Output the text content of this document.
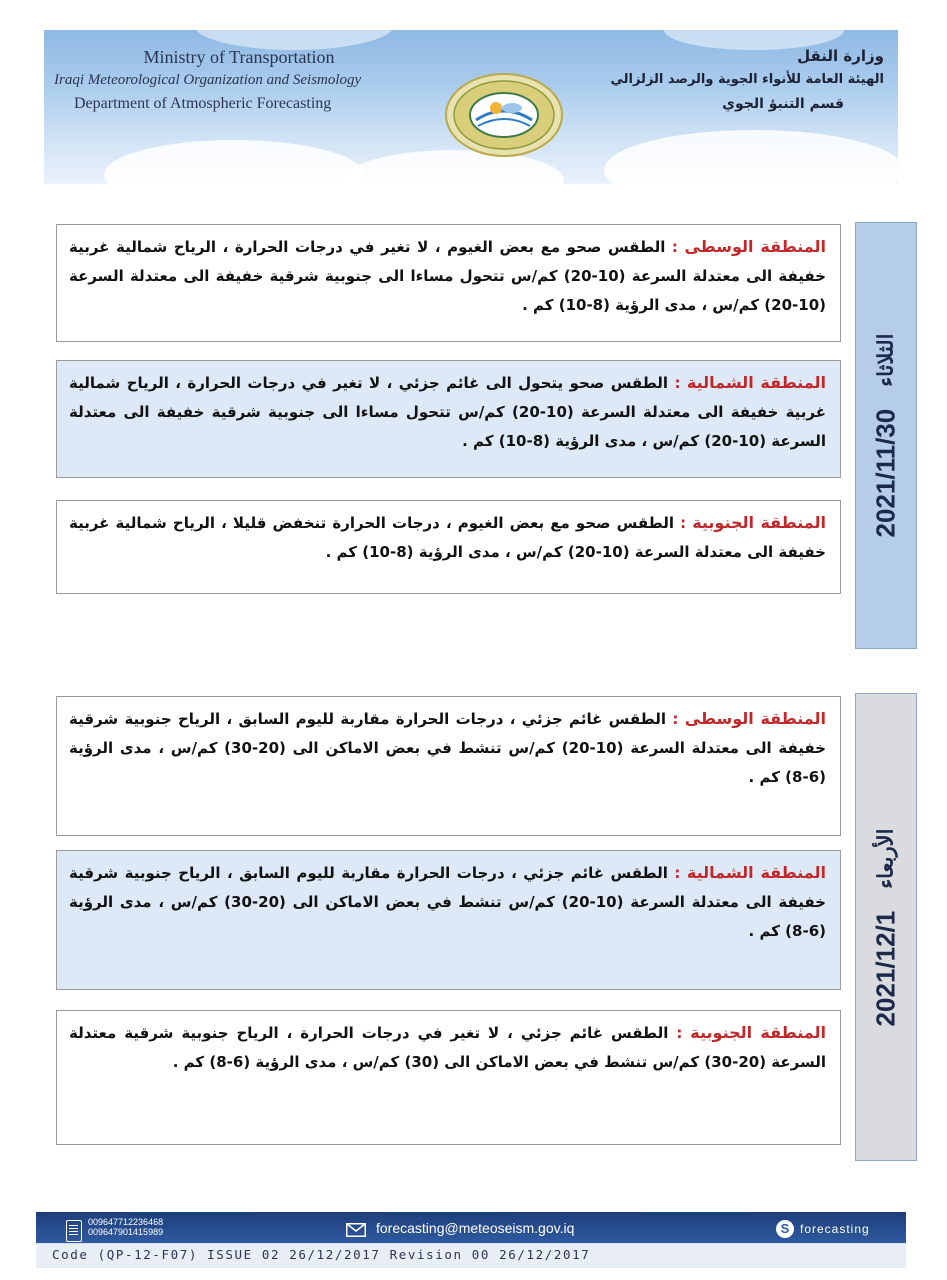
Ministry of Transportation
Iraqi Meteorological Organization and Seismology
Department of Atmospheric Forecasting
وزارة النقل
الهيئة العامة للأنواء الجوية والرصد الزلزالي
قسم التنبؤ الجوي
الثلاثاء
2021/11/30
المنطقة الوسطى : الطقس صحو مع بعض الغيوم ، لا تغير في درجات الحرارة ، الرياح شمالية غربية خفيفة الى معتدلة السرعة (10-20) كم/س تتحول مساءا الى جنوبية شرقية خفيفة الى معتدلة السرعة (10-20) كم/س ، مدى الرؤية (8-10) كم .
المنطقة الشمالية : الطقس صحو يتحول الى غائم جزئي ، لا تغير في درجات الحرارة ، الرياح شمالية غربية خفيفة الى معتدلة السرعة (10-20) كم/س تتحول مساءا الى جنوبية شرقية خفيفة الى معتدلة السرعة (10-20) كم/س ، مدى الرؤية (8-10) كم .
المنطقة الجنوبية : الطقس صحو مع بعض الغيوم ، درجات الحرارة تنخفض قليلا ، الرياح شمالية غربية خفيفة الى معتدلة السرعة (10-20) كم/س ، مدى الرؤية (8-10) كم .
الأربعاء
2021/12/1
المنطقة الوسطى : الطقس غائم جزئي ، درجات الحرارة مقاربة لليوم السابق ، الرياح جنوبية شرقية خفيفة الى معتدلة السرعة (10-20) كم/س تنشط في بعض الاماكن الى (20-30) كم/س ، مدى الرؤية (6-8) كم .
المنطقة الشمالية : الطقس غائم جزئي ، درجات الحرارة مقاربة لليوم السابق ، الرياح جنوبية شرقية خفيفة الى معتدلة السرعة (10-20) كم/س تنشط في بعض الاماكن الى (20-30) كم/س ، مدى الرؤية (6-8) كم .
المنطقة الجنوبية : الطقس غائم جزئي ، لا تغير في درجات الحرارة ، الرياح جنوبية شرقية معتدلة السرعة (20-30) كم/س تنشط في بعض الاماكن الى (30) كم/س ، مدى الرؤية (6-8) كم .
009647712236468
009647901415989	forecasting@meteoseism.gov.iq	S forecasting
Code (QP-12-F07) ISSUE 02 26/12/2017 Revision 00 26/12/2017
